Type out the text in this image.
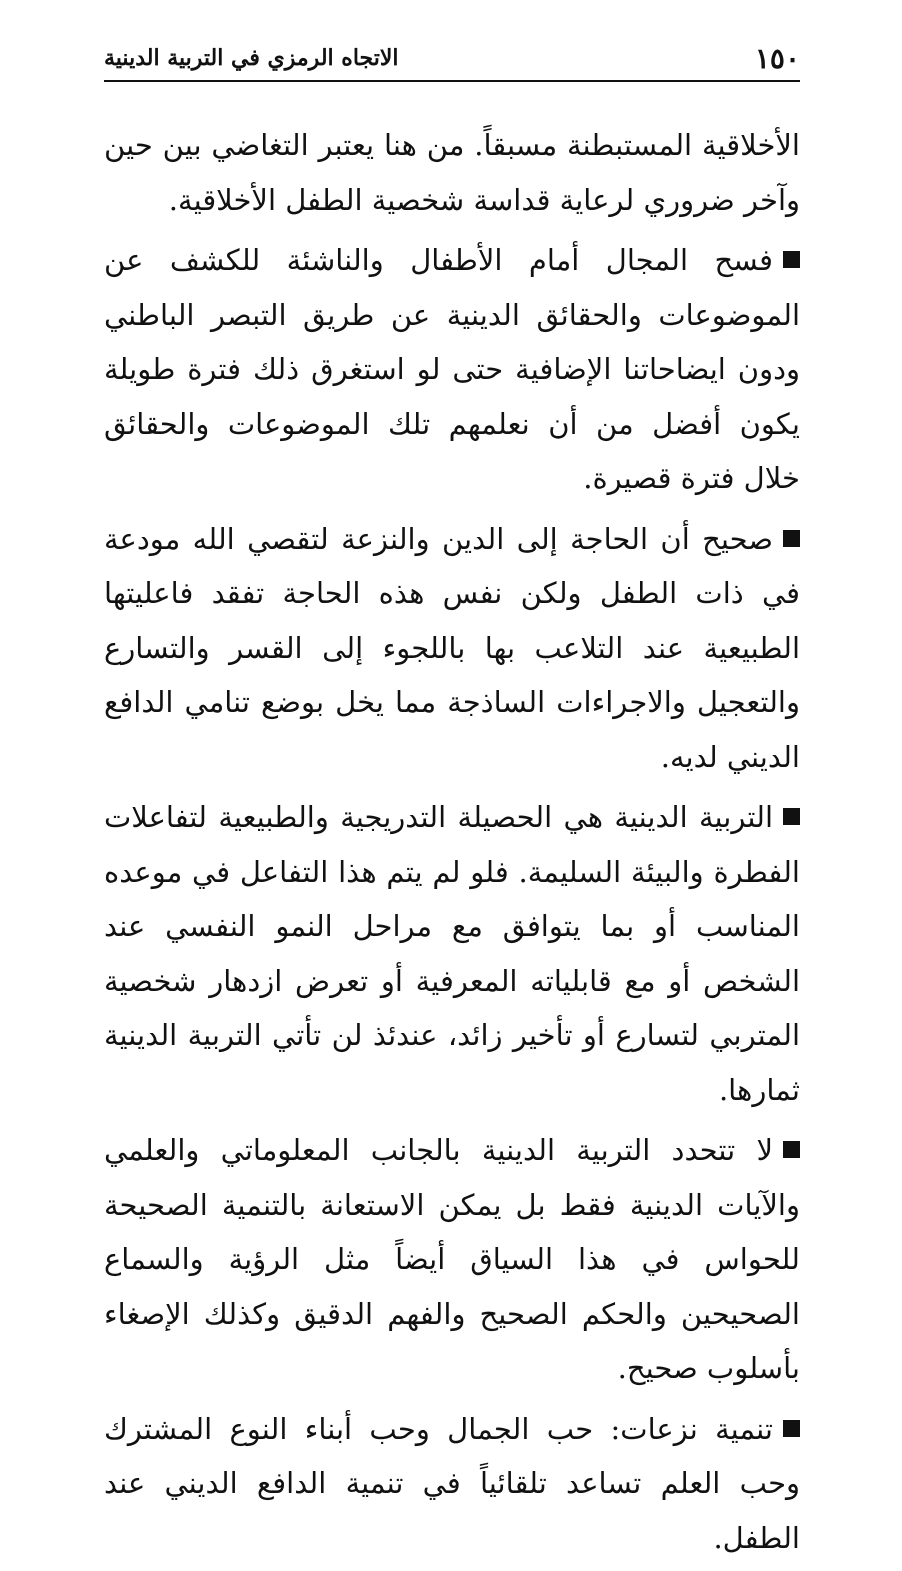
١٥٠
الاتجاه الرمزي في التربية الدينية

الأخلاقية المستبطنة مسبقاً. من هنا يعتبر التغاضي بين حين وآخر ضروري لرعاية قداسة شخصية الطفل الأخلاقية.

فسح المجال أمام الأطفال والناشئة للكشف عن الموضوعات والحقائق الدينية عن طريق التبصر الباطني ودون ايضاحاتنا الإضافية حتى لو استغرق ذلك فترة طويلة يكون أفضل من أن نعلمهم تلك الموضوعات والحقائق خلال فترة قصيرة.

صحيح أن الحاجة إلى الدين والنزعة لتقصي الله مودعة في ذات الطفل ولكن نفس هذه الحاجة تفقد فاعليتها الطبيعية عند التلاعب بها باللجوء إلى القسر والتسارع والتعجيل والاجراءات الساذجة مما يخل بوضع تنامي الدافع الديني لديه.

التربية الدينية هي الحصيلة التدريجية والطبيعية لتفاعلات الفطرة والبيئة السليمة. فلو لم يتم هذا التفاعل في موعده المناسب أو بما يتوافق مع مراحل النمو النفسي عند الشخص أو مع قابلياته المعرفية أو تعرض ازدهار شخصية المتربي لتسارع أو تأخير زائد، عندئذ لن تأتي التربية الدينية ثمارها.

لا تتحدد التربية الدينية بالجانب المعلوماتي والعلمي والآيات الدينية فقط بل يمكن الاستعانة بالتنمية الصحيحة للحواس في هذا السياق أيضاً مثل الرؤية والسماع الصحيحين والحكم الصحيح والفهم الدقيق وكذلك الإصغاء بأسلوب صحيح.

تنمية نزعات: حب الجمال وحب أبناء النوع المشترك وحب العلم تساعد تلقائياً في تنمية الدافع الديني عند الطفل.
